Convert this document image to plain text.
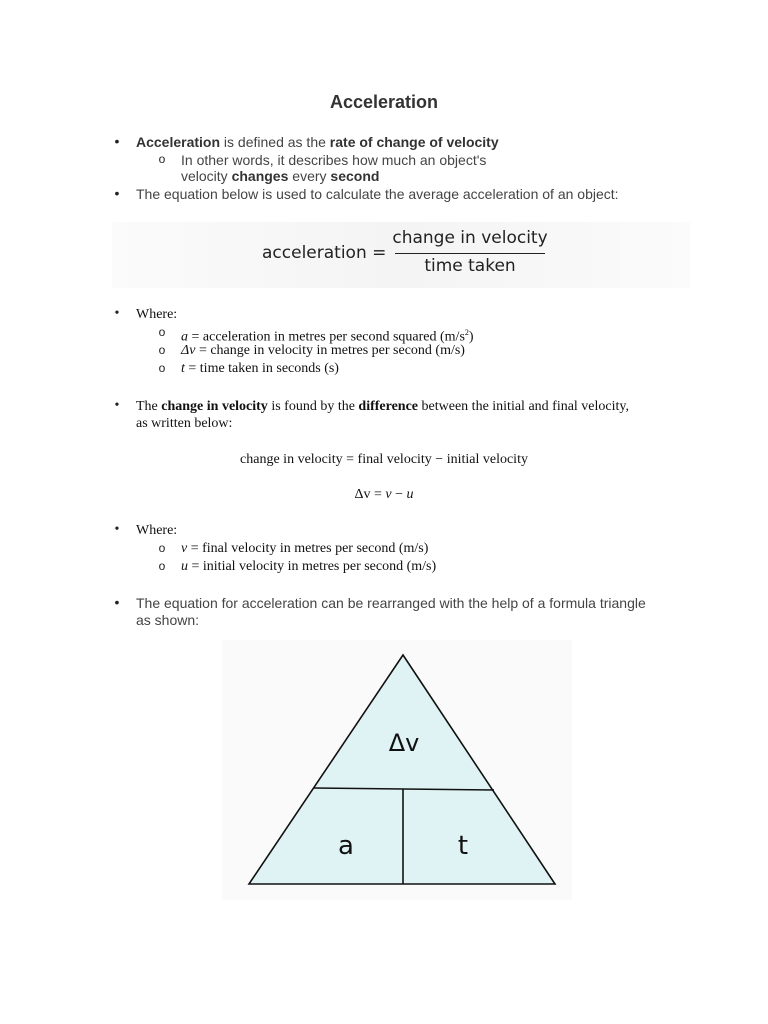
Acceleration
• Acceleration is defined as the rate of change of velocity
o In other words, it describes how much an object's
velocity changes every second
• The equation below is used to calculate the average acceleration of an object:
acceleration =
change in velocity
time taken
• Where:
o a = acceleration in metres per second squared $(m/s^2)$
o Δv = change in velocity in metres per second (m/s)
o t = time taken in seconds (s)
• The change in velocity is found by the difference between the initial and final velocity,
as written below:
change in velocity = final velocity − initial velocity
Δv = v − u
• Where:
o v = final velocity in metres per second (m/s)
o u = initial velocity in metres per second (m/s)
• The equation for acceleration can be rearranged with the help of a formula triangle
as shown:
Δv
a	t
